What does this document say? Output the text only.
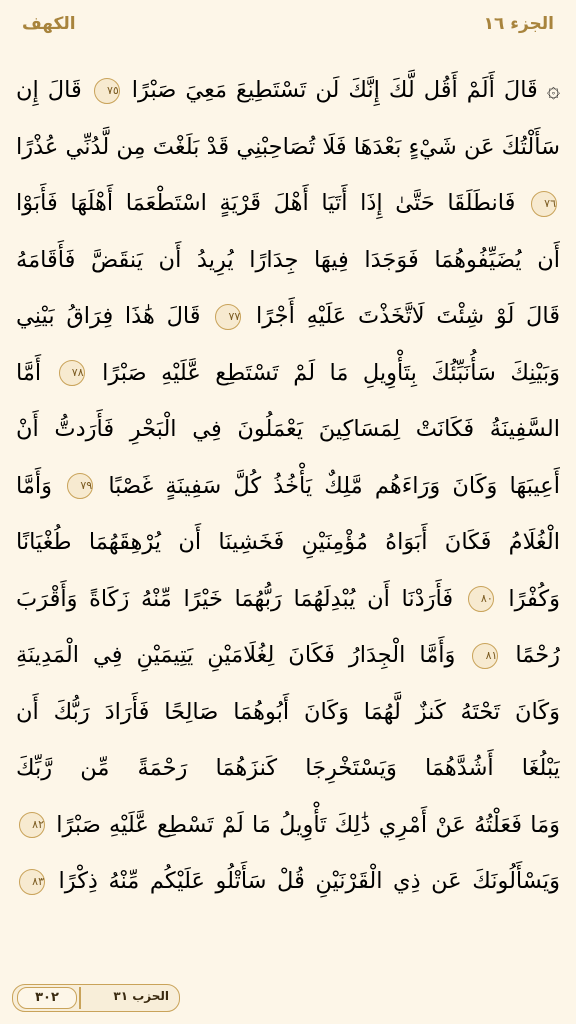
الكهف	الجزء ١٦
۞ قَالَ أَلَمْ أَقُل لَّكَ إِنَّكَ لَن تَسْتَطِيعَ مَعِيَ صَبْرًا ٧٥ قَالَ إِن
سَأَلْتُكَ عَن شَيْءٍ بَعْدَهَا فَلَا تُصَاحِبْنِي قَدْ بَلَغْتَ مِن لَّدُنِّي عُذْرًا
٧٦ فَانطَلَقَا حَتَّىٰ إِذَا أَتَيَا أَهْلَ قَرْيَةٍ اسْتَطْعَمَا أَهْلَهَا فَأَبَوْا
أَن يُضَيِّفُوهُمَا فَوَجَدَا فِيهَا جِدَارًا يُرِيدُ أَن يَنقَضَّ فَأَقَامَهُ
قَالَ لَوْ شِئْتَ لَاتَّخَذْتَ عَلَيْهِ أَجْرًا ٧٧ قَالَ هَٰذَا فِرَاقُ بَيْنِي
وَبَيْنِكَ سَأُنَبِّئُكَ بِتَأْوِيلِ مَا لَمْ تَسْتَطِع عَّلَيْهِ صَبْرًا ٧٨ أَمَّا
السَّفِينَةُ فَكَانَتْ لِمَسَاكِينَ يَعْمَلُونَ فِي الْبَحْرِ فَأَرَدتُّ أَنْ
أَعِيبَهَا وَكَانَ وَرَاءَهُم مَّلِكٌ يَأْخُذُ كُلَّ سَفِينَةٍ غَصْبًا ٧٩ وَأَمَّا
الْغُلَامُ فَكَانَ أَبَوَاهُ مُؤْمِنَيْنِ فَخَشِينَا أَن يُرْهِقَهُمَا طُغْيَانًا
وَكُفْرًا ٨٠ فَأَرَدْنَا أَن يُبْدِلَهُمَا رَبُّهُمَا خَيْرًا مِّنْهُ زَكَاةً وَأَقْرَبَ
رُحْمًا ٨١ وَأَمَّا الْجِدَارُ فَكَانَ لِغُلَامَيْنِ يَتِيمَيْنِ فِي الْمَدِينَةِ
وَكَانَ تَحْتَهُ كَنزٌ لَّهُمَا وَكَانَ أَبُوهُمَا صَالِحًا فَأَرَادَ رَبُّكَ أَن
يَبْلُغَا أَشُدَّهُمَا وَيَسْتَخْرِجَا كَنزَهُمَا رَحْمَةً مِّن رَّبِّكَ
وَمَا فَعَلْتُهُ عَنْ أَمْرِي ذَٰلِكَ تَأْوِيلُ مَا لَمْ تَسْطِع عَّلَيْهِ صَبْرًا ٨٢
وَيَسْأَلُونَكَ عَن ذِي الْقَرْنَيْنِ قُلْ سَأَتْلُو عَلَيْكُم مِّنْهُ ذِكْرًا ٨٣
الحزب ٣١
٣٠٢
